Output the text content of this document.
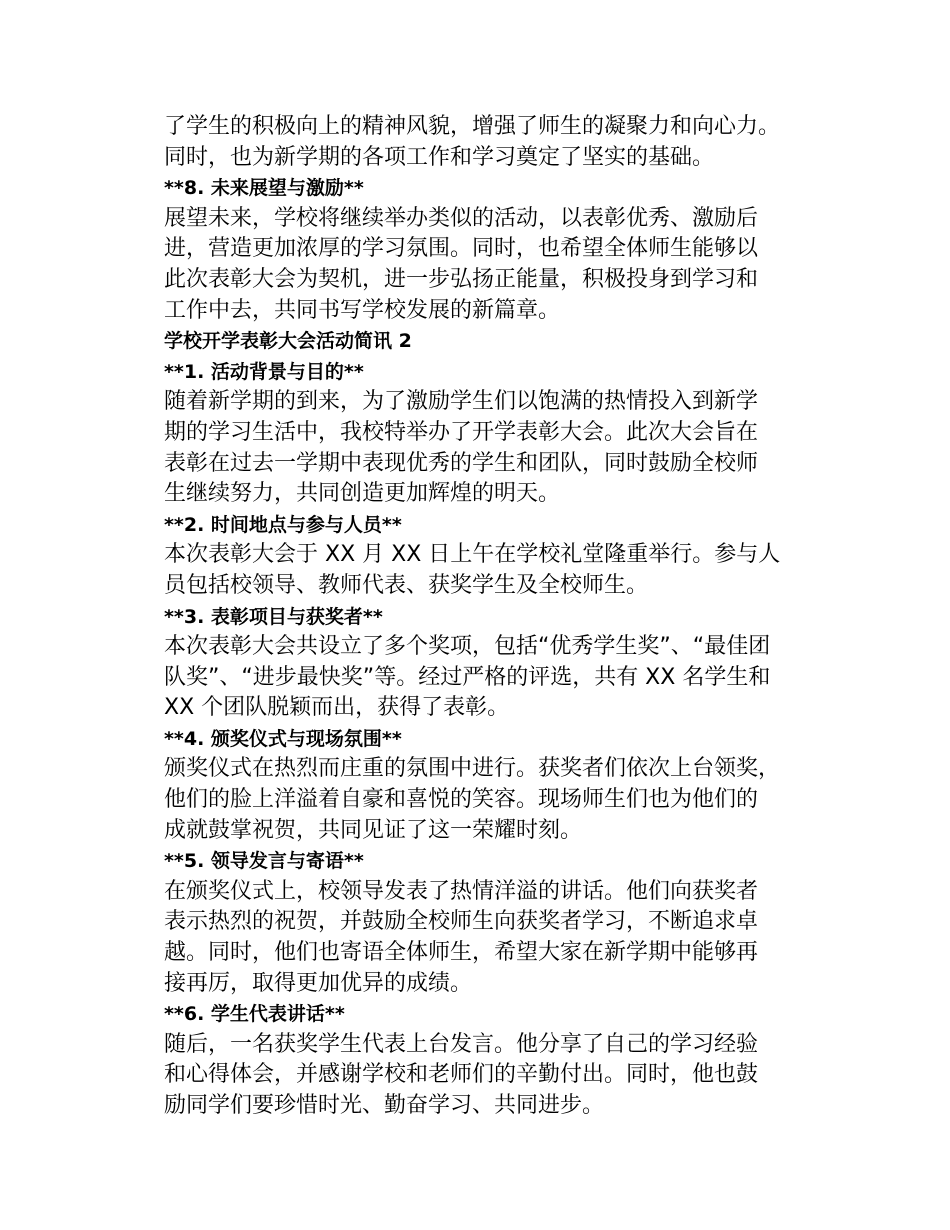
了学生的积极向上的精神风貌，增强了师生的凝聚力和向心力。

同时，也为新学期的各项工作和学习奠定了坚实的基础。

**8. 未来展望与激励**

展望未来，学校将继续举办类似的活动，以表彰优秀、激励后

进，营造更加浓厚的学习氛围。同时，也希望全体师生能够以

此次表彰大会为契机，进一步弘扬正能量，积极投身到学习和

工作中去，共同书写学校发展的新篇章。

学校开学表彰大会活动简讯 2

**1. 活动背景与目的**

随着新学期的到来，为了激励学生们以饱满的热情投入到新学

期的学习生活中，我校特举办了开学表彰大会。此次大会旨在

表彰在过去一学期中表现优秀的学生和团队，同时鼓励全校师

生继续努力，共同创造更加辉煌的明天。

**2. 时间地点与参与人员**

本次表彰大会于 XX 月 XX 日上午在学校礼堂隆重举行。参与人

员包括校领导、教师代表、获奖学生及全校师生。

**3. 表彰项目与获奖者**

本次表彰大会共设立了多个奖项，包括“优秀学生奖”、“最佳团

队奖”、“进步最快奖”等。经过严格的评选，共有 XX 名学生和

XX 个团队脱颖而出，获得了表彰。

**4. 颁奖仪式与现场氛围**

颁奖仪式在热烈而庄重的氛围中进行。获奖者们依次上台领奖，

他们的脸上洋溢着自豪和喜悦的笑容。现场师生们也为他们的

成就鼓掌祝贺，共同见证了这一荣耀时刻。

**5. 领导发言与寄语**

在颁奖仪式上，校领导发表了热情洋溢的讲话。他们向获奖者

表示热烈的祝贺，并鼓励全校师生向获奖者学习，不断追求卓

越。同时，他们也寄语全体师生，希望大家在新学期中能够再

接再厉，取得更加优异的成绩。

**6. 学生代表讲话**

随后，一名获奖学生代表上台发言。他分享了自己的学习经验

和心得体会，并感谢学校和老师们的辛勤付出。同时，他也鼓

励同学们要珍惜时光、勤奋学习、共同进步。
